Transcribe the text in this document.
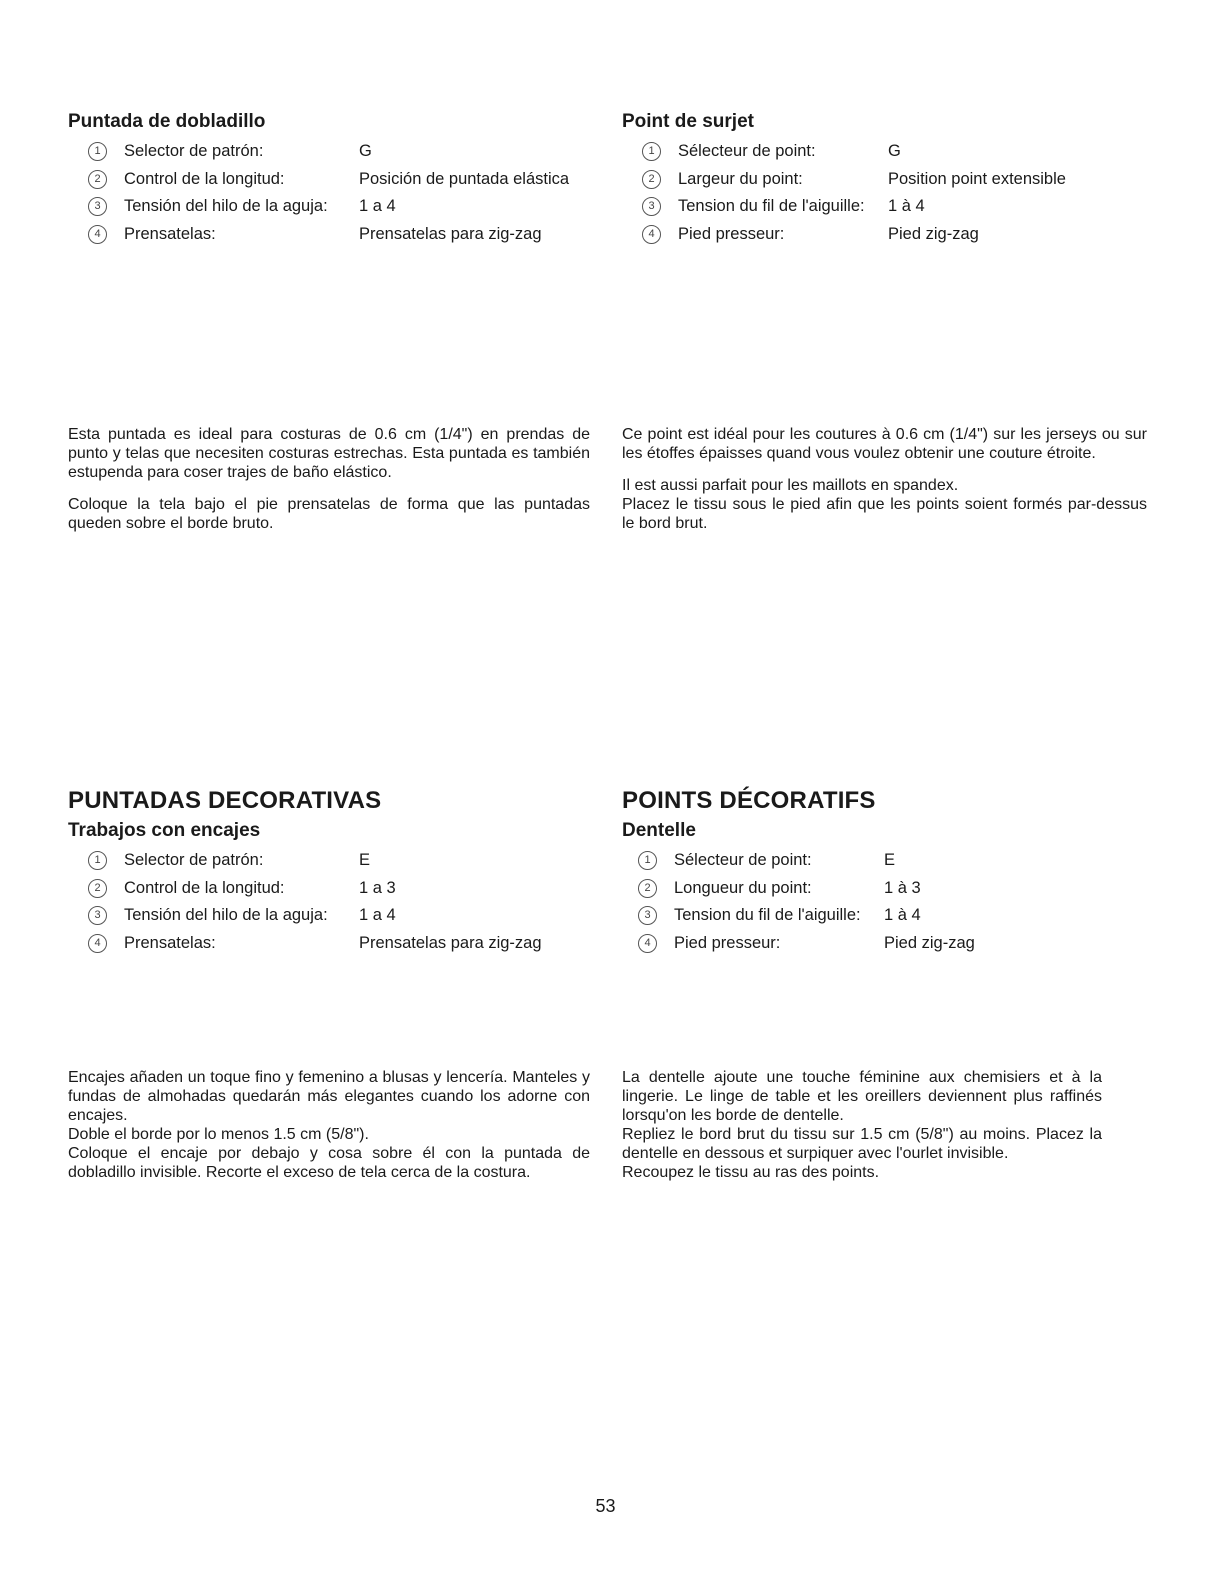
Puntada de dobladillo
1	Selector de patrón:	G
2	Control de la longitud:	Posición de puntada elástica
3	Tensión del hilo de la aguja:	1 a 4
4	Prensatelas:	Prensatelas para zig-zag
Point de surjet
1	Sélecteur de point:	G
2	Largeur du point:	Position point extensible
3	Tension du fil de l'aiguille:	1 à 4
4	Pied presseur:	Pied zig-zag

Esta puntada es ideal para costuras de 0.6 cm (1/4") en prendas de punto y telas que necesiten costuras estrechas. Esta puntada es también estupenda para coser trajes de baño elástico.

Coloque la tela bajo el pie prensatelas de forma que las puntadas queden sobre el borde bruto.

Ce point est idéal pour les coutures à 0.6 cm (1/4") sur les jerseys ou sur les étoffes épaisses quand vous voulez obtenir une couture étroite.

Il est aussi parfait pour les maillots en spandex.

Placez le tissu sous le pied afin que les points soient formés par-dessus le bord brut.

PUNTADAS DECORATIVAS
Trabajos con encajes
1	Selector de patrón:	E
2	Control de la longitud:	1 a 3
3	Tensión del hilo de la aguja:	1 a 4
4	Prensatelas:	Prensatelas para zig-zag
POINTS DÉCORATIFS
Dentelle
1	Sélecteur de point:	E
2	Longueur du point:	1 à 3
3	Tension du fil de l'aiguille:	1 à 4
4	Pied presseur:	Pied zig-zag

Encajes añaden un toque fino y femenino a blusas y lencería. Manteles y fundas de almohadas quedarán más elegantes cuando los adorne con encajes.

Doble el borde por lo menos 1.5 cm (5/8").

Coloque el encaje por debajo y cosa sobre él con la puntada de dobladillo invisible. Recorte el exceso de tela cerca de la costura.

La dentelle ajoute une touche féminine aux chemisiers et à la lingerie. Le linge de table et les oreillers deviennent plus raffinés lorsqu'on les borde de dentelle.

Repliez le bord brut du tissu sur 1.5 cm (5/8") au moins. Placez la dentelle en dessous et surpiquer avec l'ourlet invisible.

Recoupez le tissu au ras des points.

53
